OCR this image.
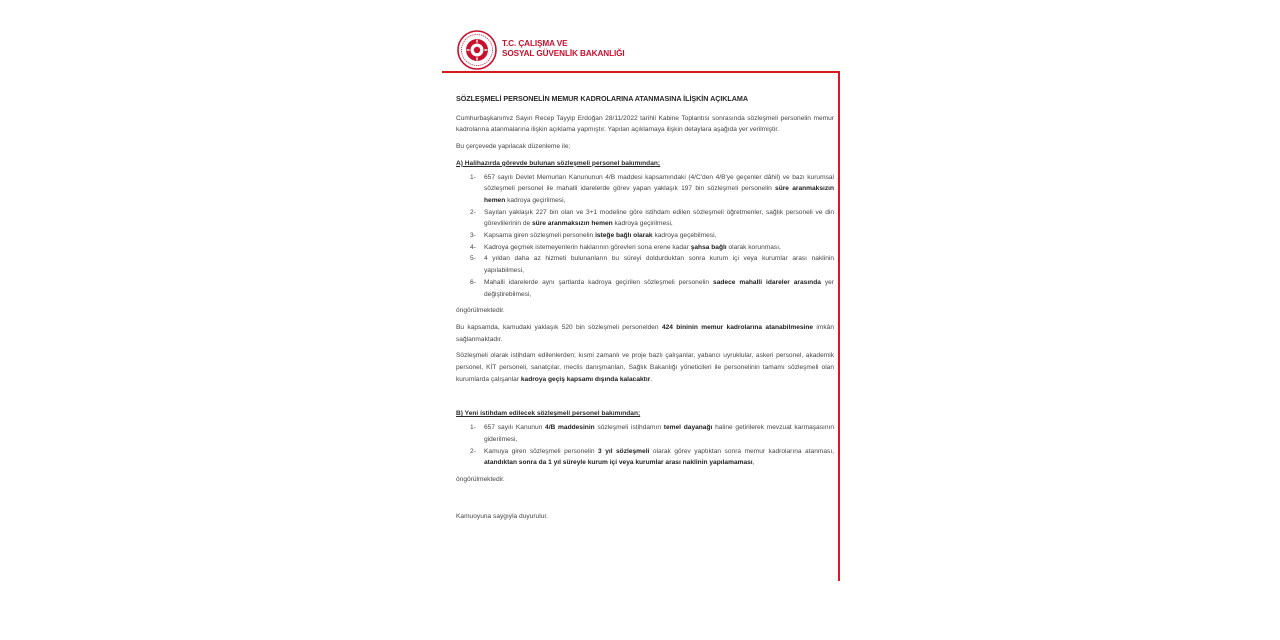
T.C. ÇALIŞMA VE
SOSYAL GÜVENLİK BAKANLIĞI

SÖZLEŞMELİ PERSONELİN MEMUR KADROLARINA ATANMASINA İLİŞKİN AÇIKLAMA

Cumhurbaşkanımız Sayın Recep Tayyip Erdoğan 28/11/2022 tarihli Kabine Toplantısı sonrasında sözleşmeli personelin memur kadrolarına atanmalarına ilişkin açıklama yapmıştır. Yapılan açıklamaya ilişkin detaylara aşağıda yer verilmiştir.

Bu çerçevede yapılacak düzenleme ile;

A) Halihazırda görevde bulunan sözleşmeli personel bakımından;

1- 657 sayılı Devlet Memurları Kanununun 4/B maddesi kapsamındaki (4/C'den 4/B'ye geçenler dâhil) ve bazı kurumsal sözleşmeli personel ile mahalli idarelerde görev yapan yaklaşık 197 bin sözleşmeli personelin süre aranmaksızın hemen kadroya geçirilmesi,
2- Sayıları yaklaşık 227 bin olan ve 3+1 modeline göre istihdam edilen sözleşmeli öğretmenler, sağlık personeli ve din görevlilerinin de süre aranmaksızın hemen kadroya geçirilmesi,
3- Kapsama giren sözleşmeli personelin isteğe bağlı olarak kadroya geçebilmesi,
4- Kadroya geçmek istemeyenlerin haklarının görevleri sona erene kadar şahsa bağlı olarak korunması,
5- 4 yıldan daha az hizmeti bulunanların bu süreyi doldurduktan sonra kurum içi veya kurumlar arası naklinin yapılabilmesi,
6- Mahalli idarelerde aynı şartlarda kadroya geçirilen sözleşmeli personelin sadece mahalli idareler arasında yer değiştirebilmesi,

öngörülmektedir.

Bu kapsamda, kamudaki yaklaşık 520 bin sözleşmeli personelden 424 bininin memur kadrolarına atanabilmesine imkân sağlanmaktadır.

Sözleşmeli olarak istihdam edilenlerden; kısmi zamanlı ve proje bazlı çalışanlar, yabancı uyruklular, askeri personel, akademik personel, KİT personeli, sanatçılar, meclis danışmanları, Sağlık Bakanlığı yöneticileri ile personelinin tamamı sözleşmeli olan kurumlarda çalışanlar kadroya geçiş kapsamı dışında kalacaktır.

B) Yeni istihdam edilecek sözleşmeli personel bakımından;

1- 657 sayılı Kanunun 4/B maddesinin sözleşmeli istihdamın temel dayanağı haline getirilerek mevzuat karmaşasının giderilmesi,
2- Kamuya giren sözleşmeli personelin 3 yıl sözleşmeli olarak görev yaptıktan sonra memur kadrolarına atanması, atandıktan sonra da 1 yıl süreyle kurum içi veya kurumlar arası naklinin yapılamaması,

öngörülmektedir.

Kamuoyuna saygıyla duyurulur.
